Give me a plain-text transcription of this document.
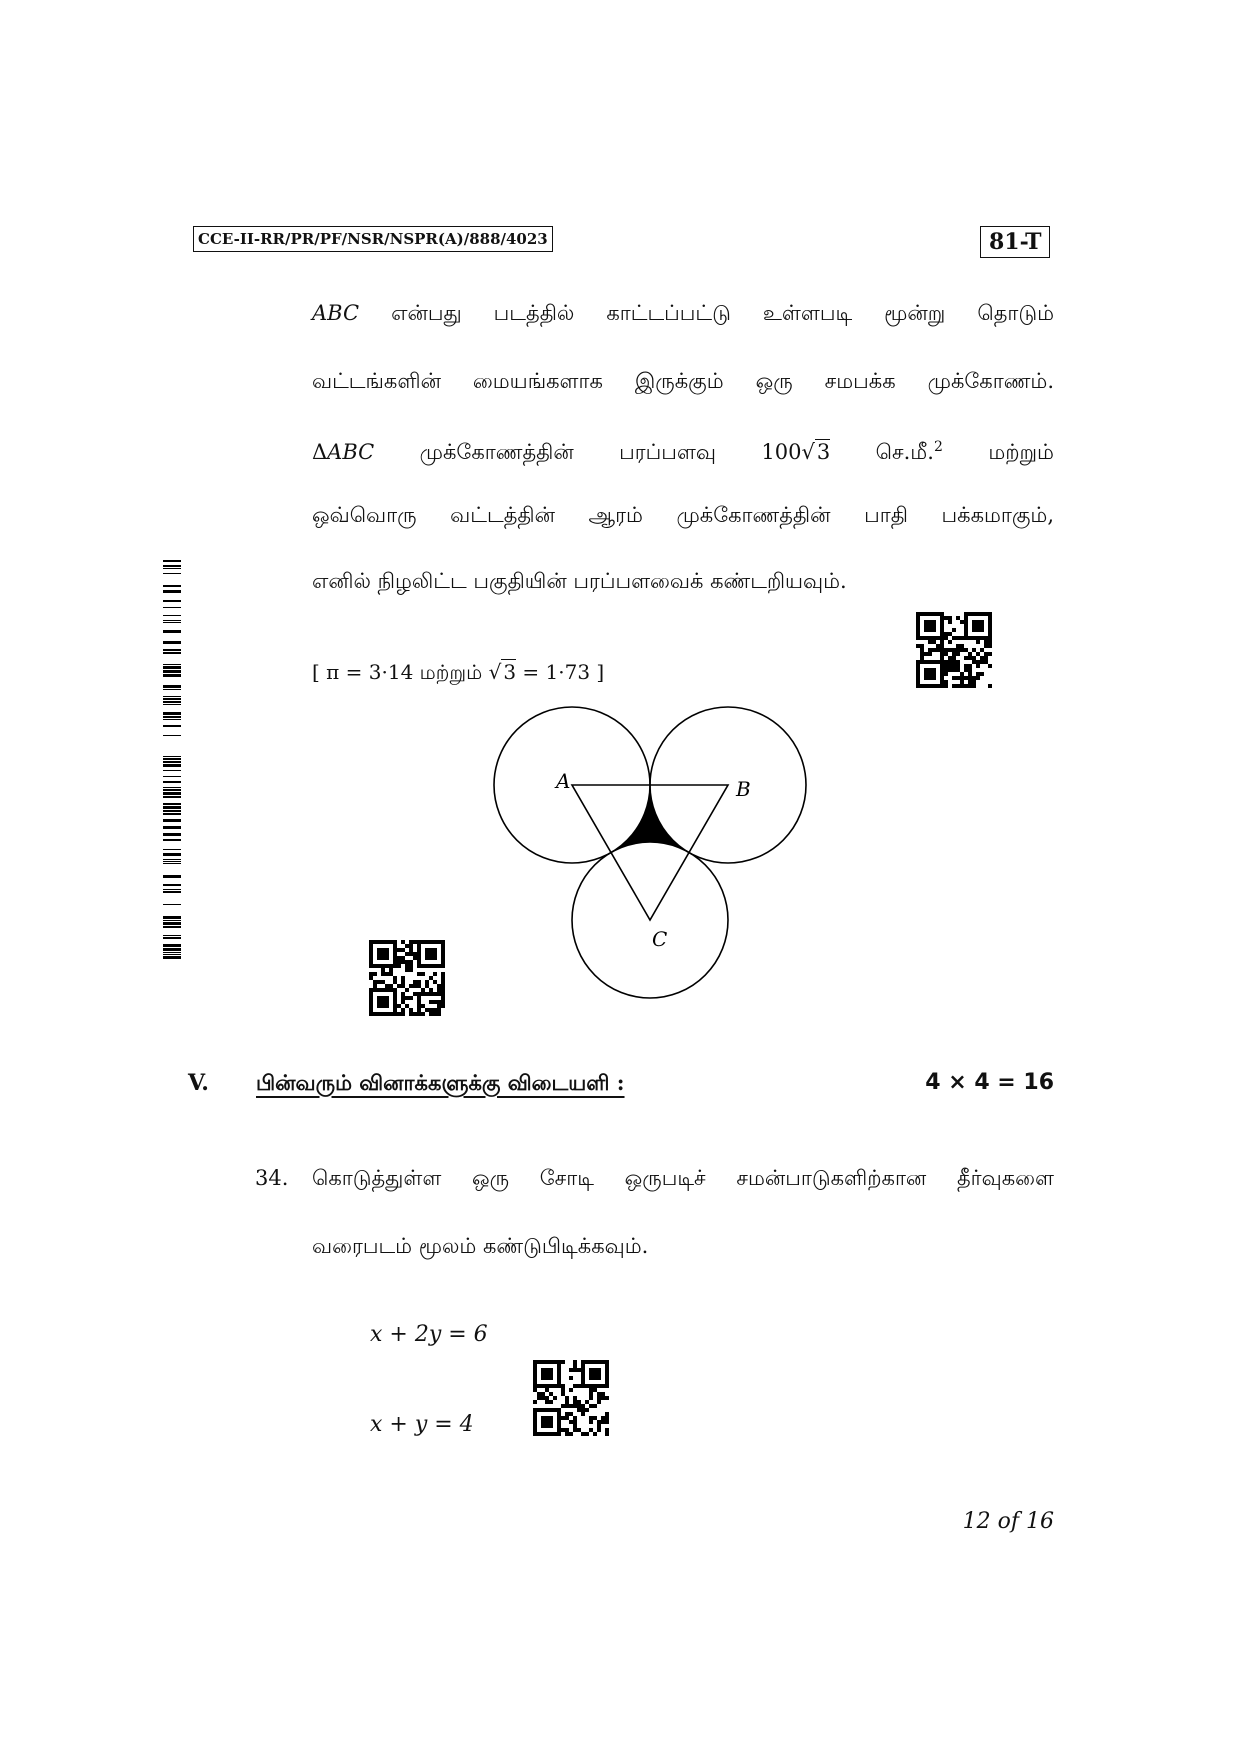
CCE-II-RR/PR/PF/NSR/NSPR(A)/888/4023	81-T
ABC என்பது படத்தில் காட்டப்பட்டு உள்ளபடி மூன்று தொடும்
வட்டங்களின் மையங்களாக இருக்கும் ஒரு சமபக்க முக்கோணம்.
ΔABC முக்கோணத்தின் பரப்பளவு 100√3 செ.மீ.$^2$ மற்றும்
ஒவ்வொரு வட்டத்தின் ஆரம் முக்கோணத்தின் பாதி பக்கமாகும்,
எனில் நிழலிட்ட பகுதியின் பரப்பளவைக் கண்டறியவும்.
[ π = 3·14 மற்றும் √ 3 = 1·73 ]
A	B
C
V. பின்வரும் வினாக்களுக்கு விடையளி :	4 × 4 = 16
34. கொடுத்துள்ள ஒரு சோடி ஒருபடிச் சமன்பாடுகளிற்கான தீர்வுகளை
வரைபடம் மூலம் கண்டுபிடிக்கவும்.
x + 2y = 6
x + y = 4
12 of 16
